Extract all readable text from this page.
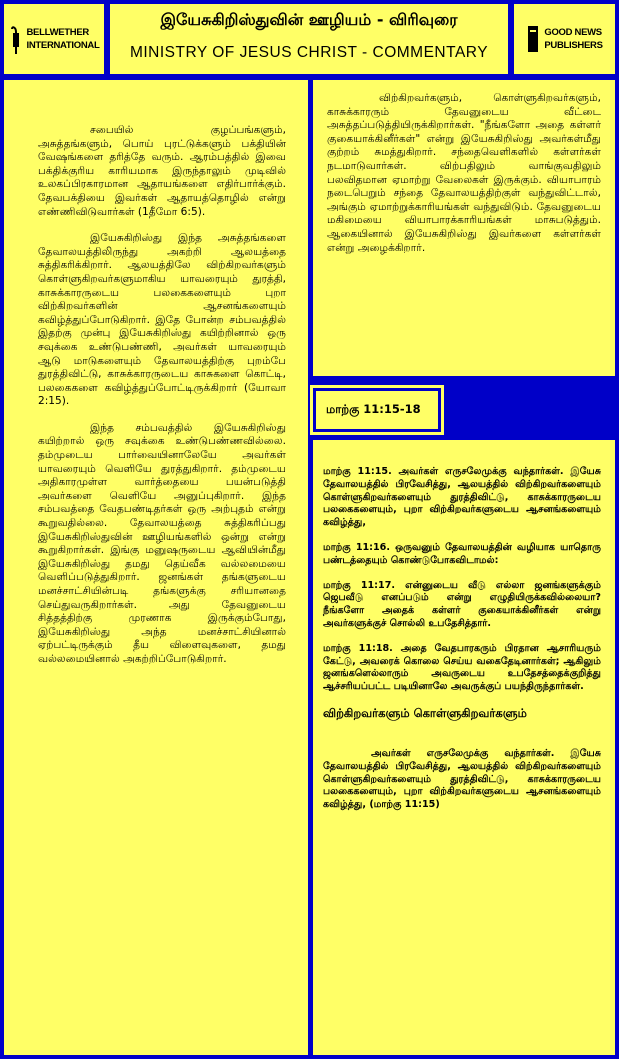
BELLWETHER
INTERNATIONAL
இயேசுகிறிஸ்துவின் ஊழியம் - விரிவுரை
MINISTRY OF JESUS CHRIST - COMMENTARY
GOOD NEWS
PUBLISHERS

சபையில் குழப்பங்களும், அசுத்தங்களும், பொய் புரட்டுக்களும் பக்தியின் வேஷங்களை தரித்தே வரும். ஆரம்பத்தில் இவை பக்திக்குரிய காரியமாக இருந்தாலும் முடிவில் உலகப்பிரகாரமான ஆதாயங்களை எதிர்பார்க்கும். தேவபக்தியை இவர்கள் ஆதாயத்தொழில் என்று எண்ணிவிடுவார்கள் (1தீமோ 6:5).

இயேசுகிறிஸ்து இந்த அசுத்தங்களை தேவாலயத்திலிருந்து அகற்றி ஆலயத்தை சுத்திகரிக்கிறார். ஆலயத்திலே விற்கிறவர்களும் கொள்ளுகிறவர்களுமாகிய யாவரையும் துரத்தி, காசுக்காரருடைய பலகைகளையும் புறா விற்கிறவர்களின் ஆசனங்களையும் கவிழ்த்துப்போடுகிறார். இதே போன்ற சம்பவத்தில் இதற்கு முன்பு இயேசுகிறிஸ்து கயிற்றினால் ஒரு சவுக்கை உண்டுபண்ணி, அவர்கள் யாவரையும் ஆடு மாடுகளையும் தேவாலயத்திற்கு புறம்பே துரத்திவிட்டு, காசுக்காரருடைய காசுகளை கொட்டி, பலகைகளை கவிழ்த்துப்போட்டிருக்கிறார் (யோவா 2:15).

இந்த சம்பவத்தில் இயேசுகிறிஸ்து கயிற்றால் ஒரு சவுக்கை உண்டுபண்ணவில்லை. தம்முடைய பார்வையினாலேயே அவர்கள் யாவரையும் வெளியே துரத்துகிறார். தம்முடைய அதிகாரமுள்ள வார்த்தையை பயன்படுத்தி அவர்களை வெளியே அனுப்புகிறார். இந்த சம்பவத்தை வேதபண்டிதர்கள் ஒரு அற்புதம் என்று கூறுவதில்லை. தேவாலயத்தை சுத்திகரிப்பது இயேசுகிறிஸ்துவின் ஊழியங்களில் ஒன்று என்று கூறுகிறார்கள். இங்கு மனுஷருடைய ஆவியின்மீது இயேசுகிறிஸ்து தமது தெய்வீக வல்லமையை வெளிப்படுத்துகிறார். ஜனங்கள் தங்களுடைய மனச்சாட்சியின்படி தங்களுக்கு சரியானதை செய்துவருகிறார்கள். அது தேவனுடைய சித்தத்திற்கு முரணாக இருக்கும்போது, இயேசுகிறிஸ்து அந்த மனச்சாட்சியினால் ஏற்பட்டிருக்கும் தீய விளைவுகளை, தமது வல்லமையினால் அகற்றிப்போடுகிறார்.

விற்கிறவர்களும், கொள்ளுகிறவர்களும், காசுக்காரரும் தேவனுடைய வீட்டை அசுத்தப்படுத்தியிருக்கிறார்கள். "நீங்களோ அதை கள்ளர் குகையாக்கினீர்கள்" என்று இயேசுகிறிஸ்து அவர்கள்மீது குற்றம் சுமத்துகிறார். சந்தைவெளிகளில் கள்ளர்கள் நடமாடுவார்கள். விற்பதிலும் வாங்குவதிலும் பலவிதமான ஏமாற்று வேலைகள் இருக்கும். வியாபாரம் நடைபெறும் சந்தை தேவாலயத்திற்குள் வந்துவிட்டால், அங்கும் ஏமாற்றுக்காரியங்கள் வந்துவிடும். தேவனுடைய மகிமையை வியாபாரக்காரியங்கள் மாசுபடுத்தும். ஆகையினால் இயேசுகிறிஸ்து இவர்களை கள்ளர்கள் என்று அழைக்கிறார்.

மாற்கு 11:15-18
மாற்கு 11:15. அவர்கள் எருசலேமுக்கு வந்தார்கள். இயேசு தேவாலயத்தில் பிரவேசித்து, ஆலயத்தில் விற்கிறவர்களையும் கொள்ளுகிறவர்களையும் துரத்திவிட்டு, காசுக்காரருடைய பலகைகளையும், புறா விற்கிறவர்களுடைய ஆசனங்களையும் கவிழ்த்து,
மாற்கு 11:16. ஒருவனும் தேவாலயத்தின் வழியாக யாதொரு பண்டத்தையும் கொண்டுபோகவிடாமல்:
மாற்கு 11:17. என்னுடைய வீடு எல்லா ஜனங்களுக்கும் ஜெபவீடு எனப்படும் என்று எழுதியிருக்கவில்லையா? நீங்களோ அதைக் கள்ளர் குகையாக்கினீர்கள் என்று அவர்களுக்குச் சொல்லி உபதேசித்தார்.
மாற்கு 11:18. அதை வேதபாரகரும் பிரதான ஆசாரியரும் கேட்டு, அவரைக் கொலை செய்ய வகைதேடினார்கள்; ஆகிலும் ஜனங்களெல்லாரும் அவருடைய உபதேசத்தைக்குறித்து ஆச்சரியப்பட்ட படியினாலே அவருக்குப் பயந்திருந்தார்கள்.
விற்கிறவர்களும் கொள்ளுகிறவர்களும்
அவர்கள் எருசலேமுக்கு வந்தார்கள். இயேசு தேவாலயத்தில் பிரவேசித்து, ஆலயத்தில் விற்கிறவர்களையும் கொள்ளுகிறவர்களையும் துரத்திவிட்டு, காசுக்காரருடைய பலகைகளையும், புறா விற்கிறவர்களுடைய ஆசனங்களையும் கவிழ்த்து, (மாற்கு 11:15)
